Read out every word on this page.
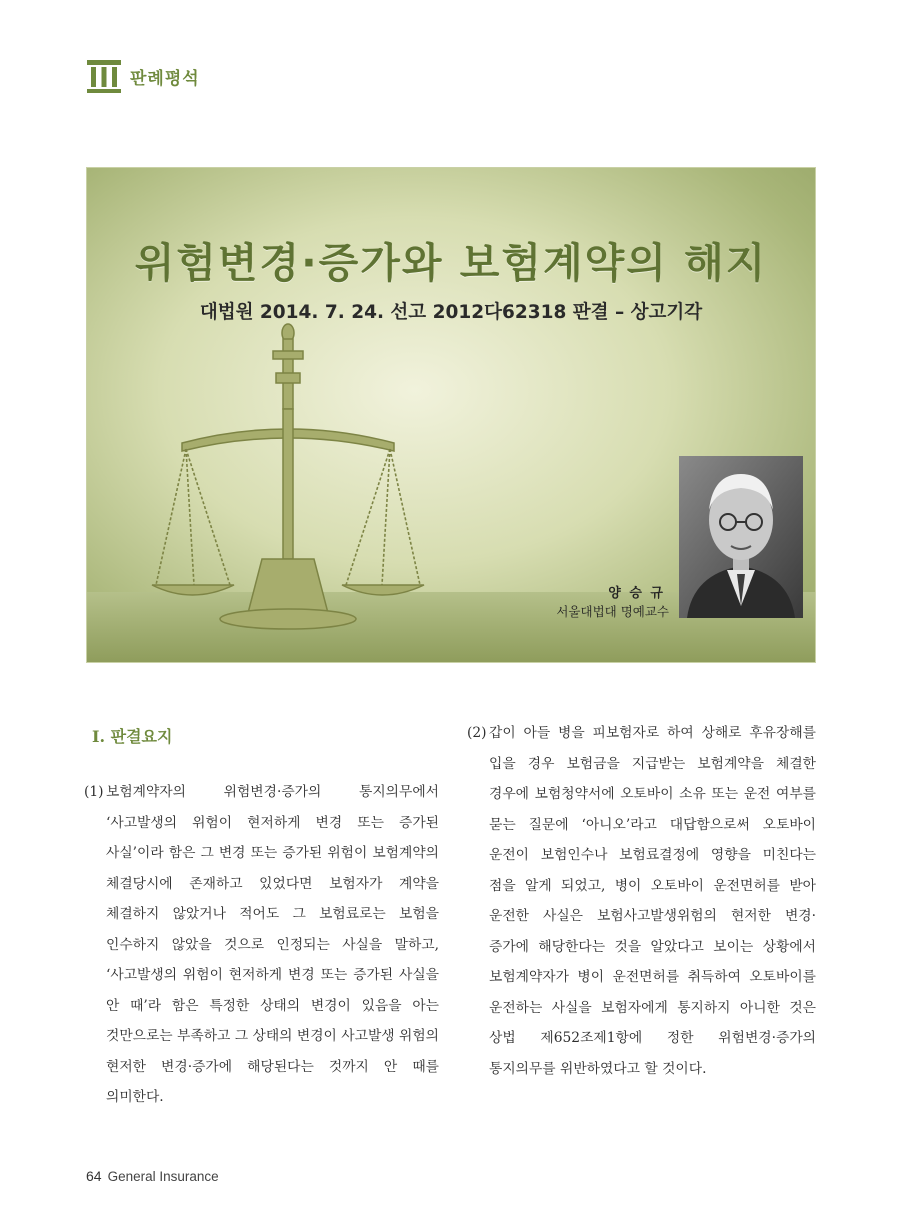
판례평석
위험변경·증가와 보험계약의 해지
대법원 2014. 7. 24. 선고 2012다62318 판결 – 상고기각
양 승 규
서울대법대 명예교수
Ⅰ. 판결요지

(1) 보험계약자의 위험변경·증가의 통지의무에서 ‘사고발생의 위험이 현저하게 변경 또는 증가된 사실’이라 함은 그 변경 또는 증가된 위험이 보험계약의 체결당시에 존재하고 있었다면 보험자가 계약을 체결하지 않았거나 적어도 그 보험료로는 보험을 인수하지 않았을 것으로 인정되는 사실을 말하고, ‘사고발생의 위험이 현저하게 변경 또는 증가된 사실을 안 때’라 함은 특정한 상태의 변경이 있음을 아는 것만으로는 부족하고 그 상태의 변경이 사고발생 위험의 현저한 변경·증가에 해당된다는 것까지 안 때를 의미한다.

(2) 갑이 아들 병을 피보험자로 하여 상해로 후유장해를 입을 경우 보험금을 지급받는 보험계약을 체결한 경우에 보험청약서에 오토바이 소유 또는 운전 여부를 묻는 질문에 ‘아니오’라고 대답함으로써 오토바이 운전이 보험인수나 보험료결정에 영향을 미친다는 점을 알게 되었고, 병이 오토바이 운전면허를 받아 운전한 사실은 보험사고발생위험의 현저한 변경·증가에 해당한다는 것을 알았다고 보이는 상황에서 보험계약자가 병이 운전면허를 취득하여 오토바이를 운전하는 사실을 보험자에게 통지하지 아니한 것은 상법 제652조제1항에 정한 위험변경·증가의 통지의무를 위반하였다고 할 것이다.

64 General Insurance
